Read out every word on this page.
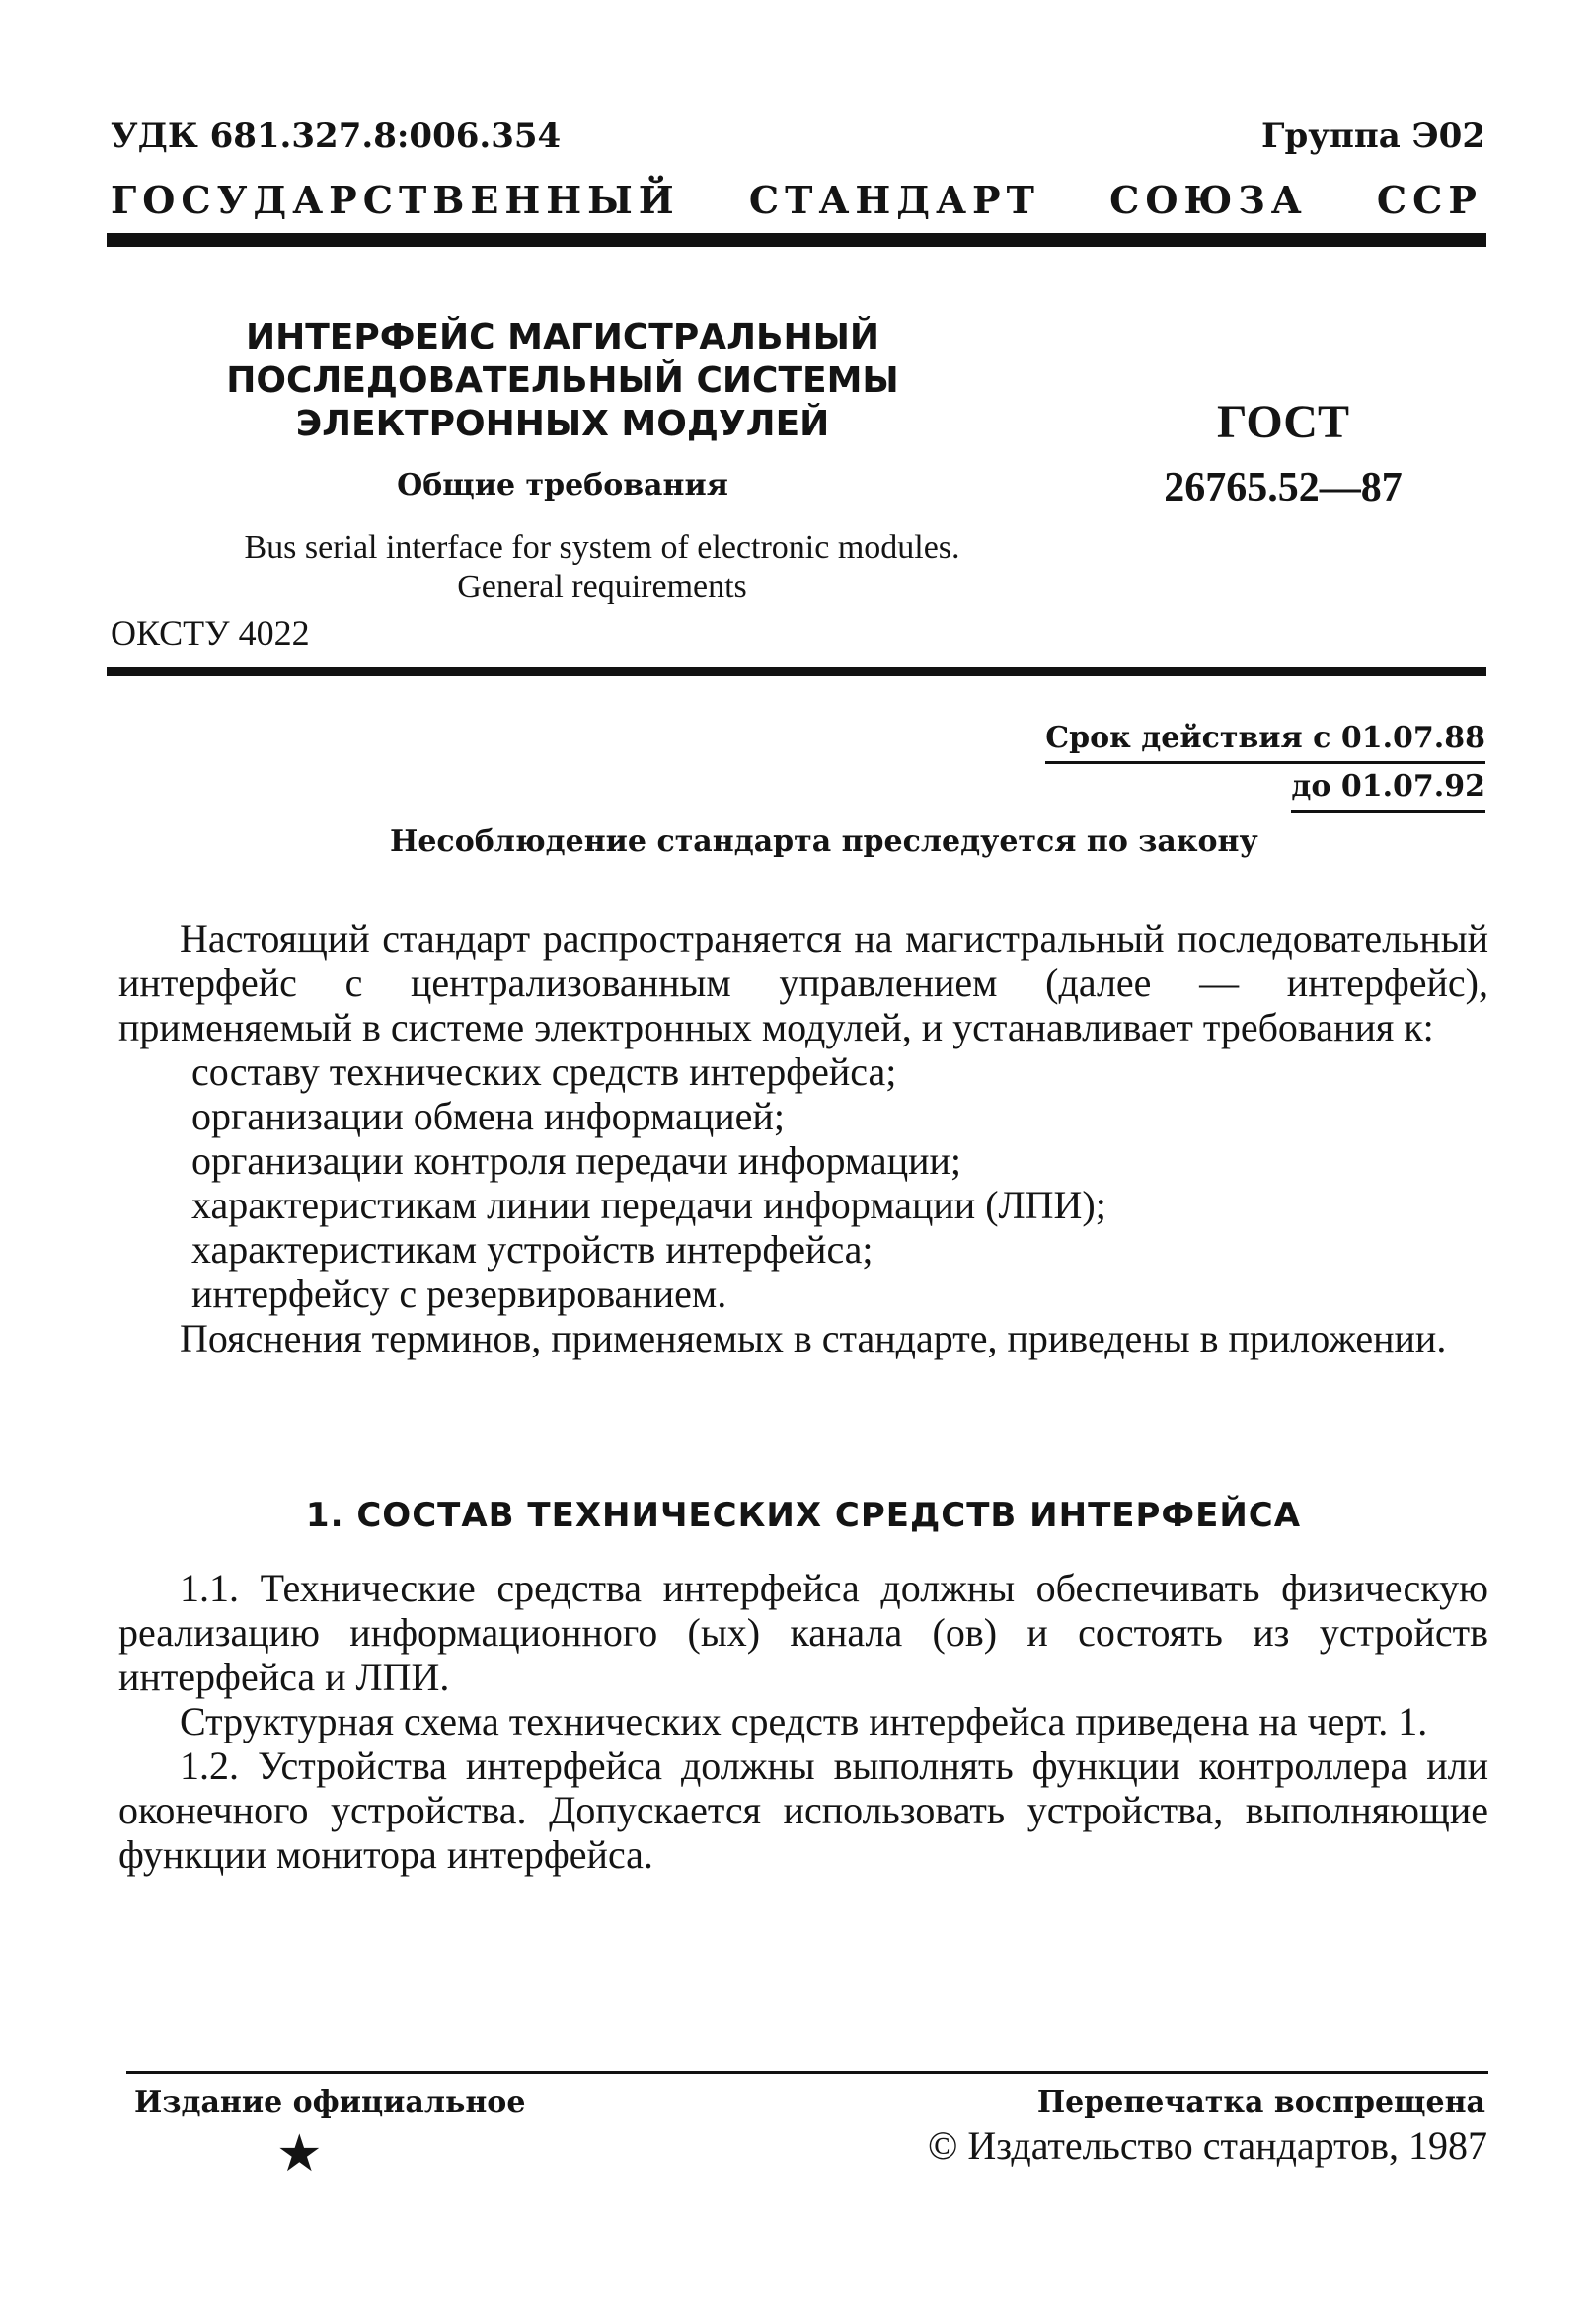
УДК 681.327.8:006.354	Группа Э02
ГОСУДАРСТВЕННЫЙ СТАНДАРТ СОЮЗА ССР
ИНТЕРФЕЙС МАГИСТРАЛЬНЫЙ
ПОСЛЕДОВАТЕЛЬНЫЙ СИСТЕМЫ
ЭЛЕКТРОННЫХ МОДУЛЕЙ
Общие требования
ГОСТ
26765.52—87
Bus serial interface for system of electronic modules.
General requirements
ОКСТУ 4022
Срок действия с 01.07.88
до 01.07.92
Несоблюдение стандарта преследуется по закону

Настоящий стандарт распространяется на магистральный последовательный интерфейс с централизованным управлением (далее — интерфейс), применяемый в системе электронных модулей, и устанавливает требования к:

составу технических средств интерфейса;

организации обмена информацией;

организации контроля передачи информации;

характеристикам линии передачи информации (ЛПИ);

характеристикам устройств интерфейса;

интерфейсу с резервированием.

Пояснения терминов, применяемых в стандарте, приведены в приложении.

1. СОСТАВ ТЕХНИЧЕСКИХ СРЕДСТВ ИНТЕРФЕЙСА

1.1. Технические средства интерфейса должны обеспечивать физическую реализацию информационного (ых) канала (ов) и состоять из устройств интерфейса и ЛПИ.

Структурная схема технических средств интерфейса приведена на черт. 1.

1.2. Устройства интерфейса должны выполнять функции контроллера или оконечного устройства. Допускается использовать устройства, выполняющие функции монитора интерфейса.

Издание официальное	Перепечатка воспрещена
★	© Издательство стандартов, 1987
